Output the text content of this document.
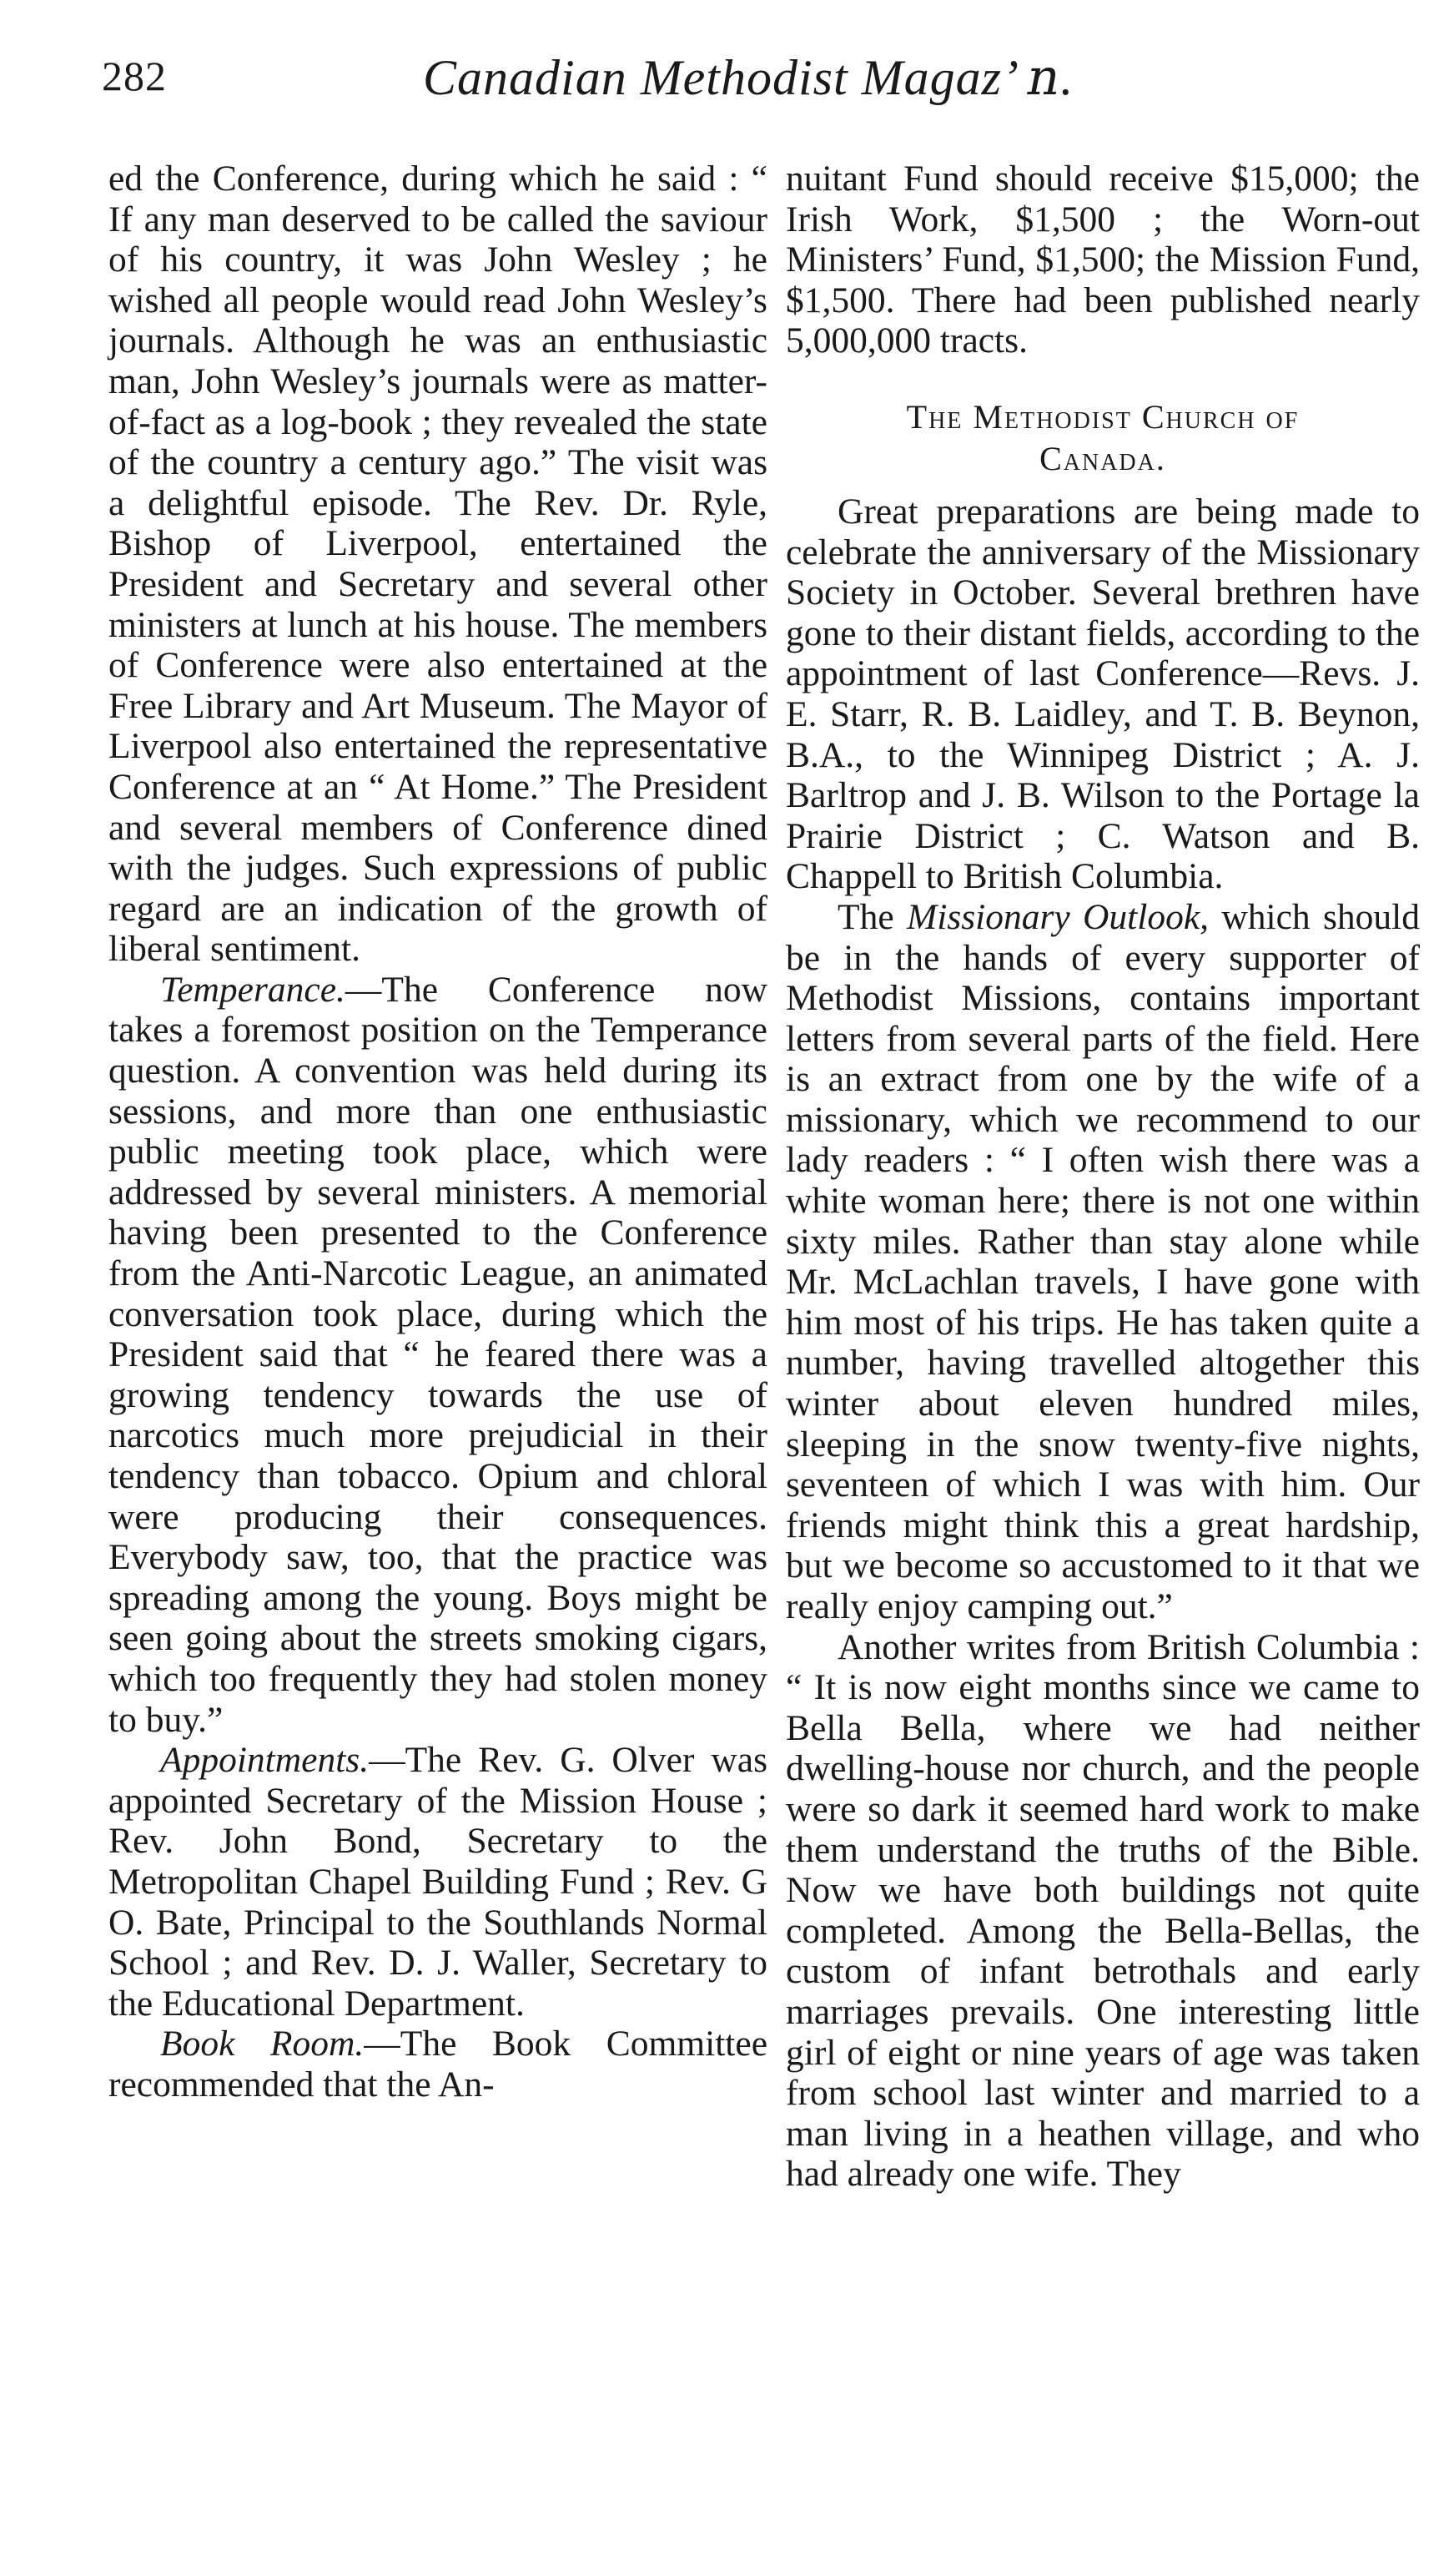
282	Canadian Methodist Magaz’ ո.

ed the Conference, during which he said : “ If any man deserved to be called the saviour of his country, it was John Wesley ; he wished all people would read John Wesley’s journals. Although he was an enthusiastic man, John Wesley’s journals were as matter-of-fact as a log-book ; they revealed the state of the country a century ago.” The visit was a delightful episode. The Rev. Dr. Ryle, Bishop of Liverpool, entertained the President and Secretary and several other ministers at lunch at his house. The members of Conference were also entertained at the Free Library and Art Museum. The Mayor of Liverpool also entertained the representative Conference at an “ At Home.” The President and several members of Conference dined with the judges. Such expressions of public regard are an indication of the growth of liberal sentiment.

Temperance.—The Conference now takes a foremost position on the Temperance question. A convention was held during its sessions, and more than one enthusiastic public meeting took place, which were addressed by several ministers. A memorial having been presented to the Conference from the Anti-Narcotic League, an animated conversation took place, during which the President said that “ he feared there was a growing tendency towards the use of narcotics much more prejudicial in their tendency than tobacco. Opium and chloral were producing their consequences. Everybody saw, too, that the practice was spreading among the young. Boys might be seen going about the streets smoking cigars, which too frequently they had stolen money to buy.”

Appointments.—The Rev. G. Olver was appointed Secretary of the Mission House ; Rev. John Bond, Secretary to the Metropolitan Chapel Building Fund ; Rev. G O. Bate, Principal to the Southlands Normal School ; and Rev. D. J. Waller, Secretary to the Educational Department.

Book Room.—The Book Committee recommended that the An-

nuitant Fund should receive $15,000; the Irish Work, $1,500 ; the Worn-out Ministers’ Fund, $1,500; the Mission Fund, $1,500. There had been published nearly 5,000,000 tracts.

The Methodist Church of
Canada.

Great preparations are being made to celebrate the anniversary of the Missionary Society in October. Several brethren have gone to their distant fields, according to the appointment of last Conference—Revs. J. E. Starr, R. B. Laidley, and T. B. Beynon, B.A., to the Winnipeg District ; A. J. Barltrop and J. B. Wilson to the Portage la Prairie District ; C. Watson and B. Chappell to British Columbia.

The Missionary Outlook, which should be in the hands of every supporter of Methodist Missions, contains important letters from several parts of the field. Here is an extract from one by the wife of a missionary, which we recommend to our lady readers : “ I often wish there was a white woman here; there is not one within sixty miles. Rather than stay alone while Mr. McLachlan travels, I have gone with him most of his trips. He has taken quite a number, having travelled altogether this winter about eleven hundred miles, sleeping in the snow twenty-five nights, seventeen of which I was with him. Our friends might think this a great hardship, but we become so accustomed to it that we really enjoy camping out.”

Another writes from British Columbia : “ It is now eight months since we came to Bella Bella, where we had neither dwelling-house nor church, and the people were so dark it seemed hard work to make them understand the truths of the Bible. Now we have both buildings not quite completed. Among the Bella-Bellas, the custom of infant betrothals and early marriages prevails. One interesting little girl of eight or nine years of age was taken from school last winter and married to a man living in a heathen village, and who had already one wife. They
